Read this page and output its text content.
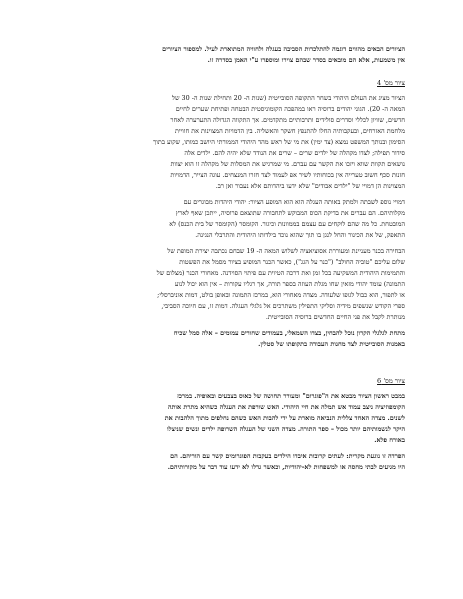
הציורים הבאים מהווים דוגמה להתלכדות הסביבה בעגלה ולחוויה המתוארת לעיל. למספור הציורים
אין משמעות, אלא הם מובאים בסדר שבהם צוירו ומוספרו ע"י האמן בסדרה זו.
ציור מס' 4
הציור מציג את העולם היהודי בשחר התקופה הסובייטית (שנות ה- 20 ותחילת שנות ה- 30 של
המאה ה- 20). הגוני יהודים ברוסיה ראו במהפכה הקומוניסטית הבטחה ופתיחת שערים לחיים
חדשים, שוויון לכללי וסדרים סולידים ותרבותיים מתקדמים. אך התקווה הגדולה התערערה לאחר
מלחמת האזרחים, ובעקבותיה החלו להתנפץ חשקר והאשליה. בין הדמויות המצוינות את חוויית
הסימון ובנותך המשפט נמצא (צד ימין) את מי של ראש מהד היהודי הממורתי היושב כמותו, שקוע בתוך
סידור תפילה; לצדו מקהלה של ילדים שרים – שרים את הנודד שלא יהיה להם. ילדים אלה
נושאים תקוות שווא ויזכו את הקשר עם עברם. מי שמרגיש את המסלות של מקהלה זו הוא יצוות
חזנות סכף חשוב טערייה אין בכוחותיו לשיר אפ לעמוד לצד חזרו המנצחים. עוגה הצייר, הדמויות
המצוינות הן דמויי של "ילדים אבודים" שלא ידעו ביהדותם אלא נעבור ואן רב.
דמויי נוספ לשבתה ולמתק באותה העגלה הוא הוא המופע הציור: יהודי היהדות מבוגרים עם
מקלותיהם. הם עברים את בדיקת הכוס המבוקש לתחבורה שתוצאם פרוסיה, ייתכן שאף לארץ
המובטחת. כל מה שהם לוקחים עם עצמם בממוונות וכיגור. הקומסר (הקומסר של בית הכנס) לא
התאפק, של את הכינור והחל לנגן בו תוך שהוא נוכד בילדותו היהודית והתרבלי הנגינה.
הבחירה בכנר מעניינת ומעוררת אסוציאציה לשלוש המאה ה- 19 שבחם נכתבה יצירת המופת של
שלום עליכם "טוביה החולב" ("כנר על הגג"), כאשר הכנר המופיע בציור מסמל את הפשטות
והתמימות היהודית המשקיעה בכל זמן ואת דרכה הטיוית עם פיתוי הסוידנה. מאחורי הכנר (מצלום של
התמונה) עומד יהודי מזאין שחו מגלת העוזה בספר תורה, אך רגליו עקורות – אין הוא יכול לנוע
או לתפור, הוא כבול לגופו שלעודה. מצדה מאחורי הוא, במרכז התמונה ובאופן בולט, דמות אוניברסלי;
ספרי הקודש שנשפים מידיה וסליקי התפילין משתרכים אל גלגלי העגלה. דמות זו, עם חיוכה הסביבי,
מנותרת לקבל את פני החיים החדשים ברוסיה הסובייטית.
מתחת לגלגלי הקרון נוכל להבחין, בצדו השמאלי, בעמודים שחורים עמומים – אלה סמל שכיח
באמנות הסובייטית לצד מחנות העבודה בתקופתו של סטלין.
ציור מס' 6
במבט ראשון הציור מבטא את ה"פוגרום" ומעורר תחושה של כאוס בצבעים ובאופיה. במרכז
הקומפוזיציה ניצב עמוד אש תמלה את חיי היהודי. האש שורפת את העגלה כשהיא מתרת אותה
לשנים. מצדה האחד צללית הנביאה מוארת על ידי להבות האש כשהם נחלפים מתוך הלהבות את
היקר לנשמותיהם יותר מכול – ספר התורה. מצדה השני של העגלה השרופה ילדים ונשים שניצלו
באורח פלא.
הפרדה זו נוגעת מקרית: לעתים קרובות איבדו הילדים בעקבות הפוגרומים קשר עם הוריהם. הם
היו מגיעים לבתי מחסה או למשפחות לא-יהודיות, וכאשר גדלו לא ידעו עוד דבר על מקורותיהם.
